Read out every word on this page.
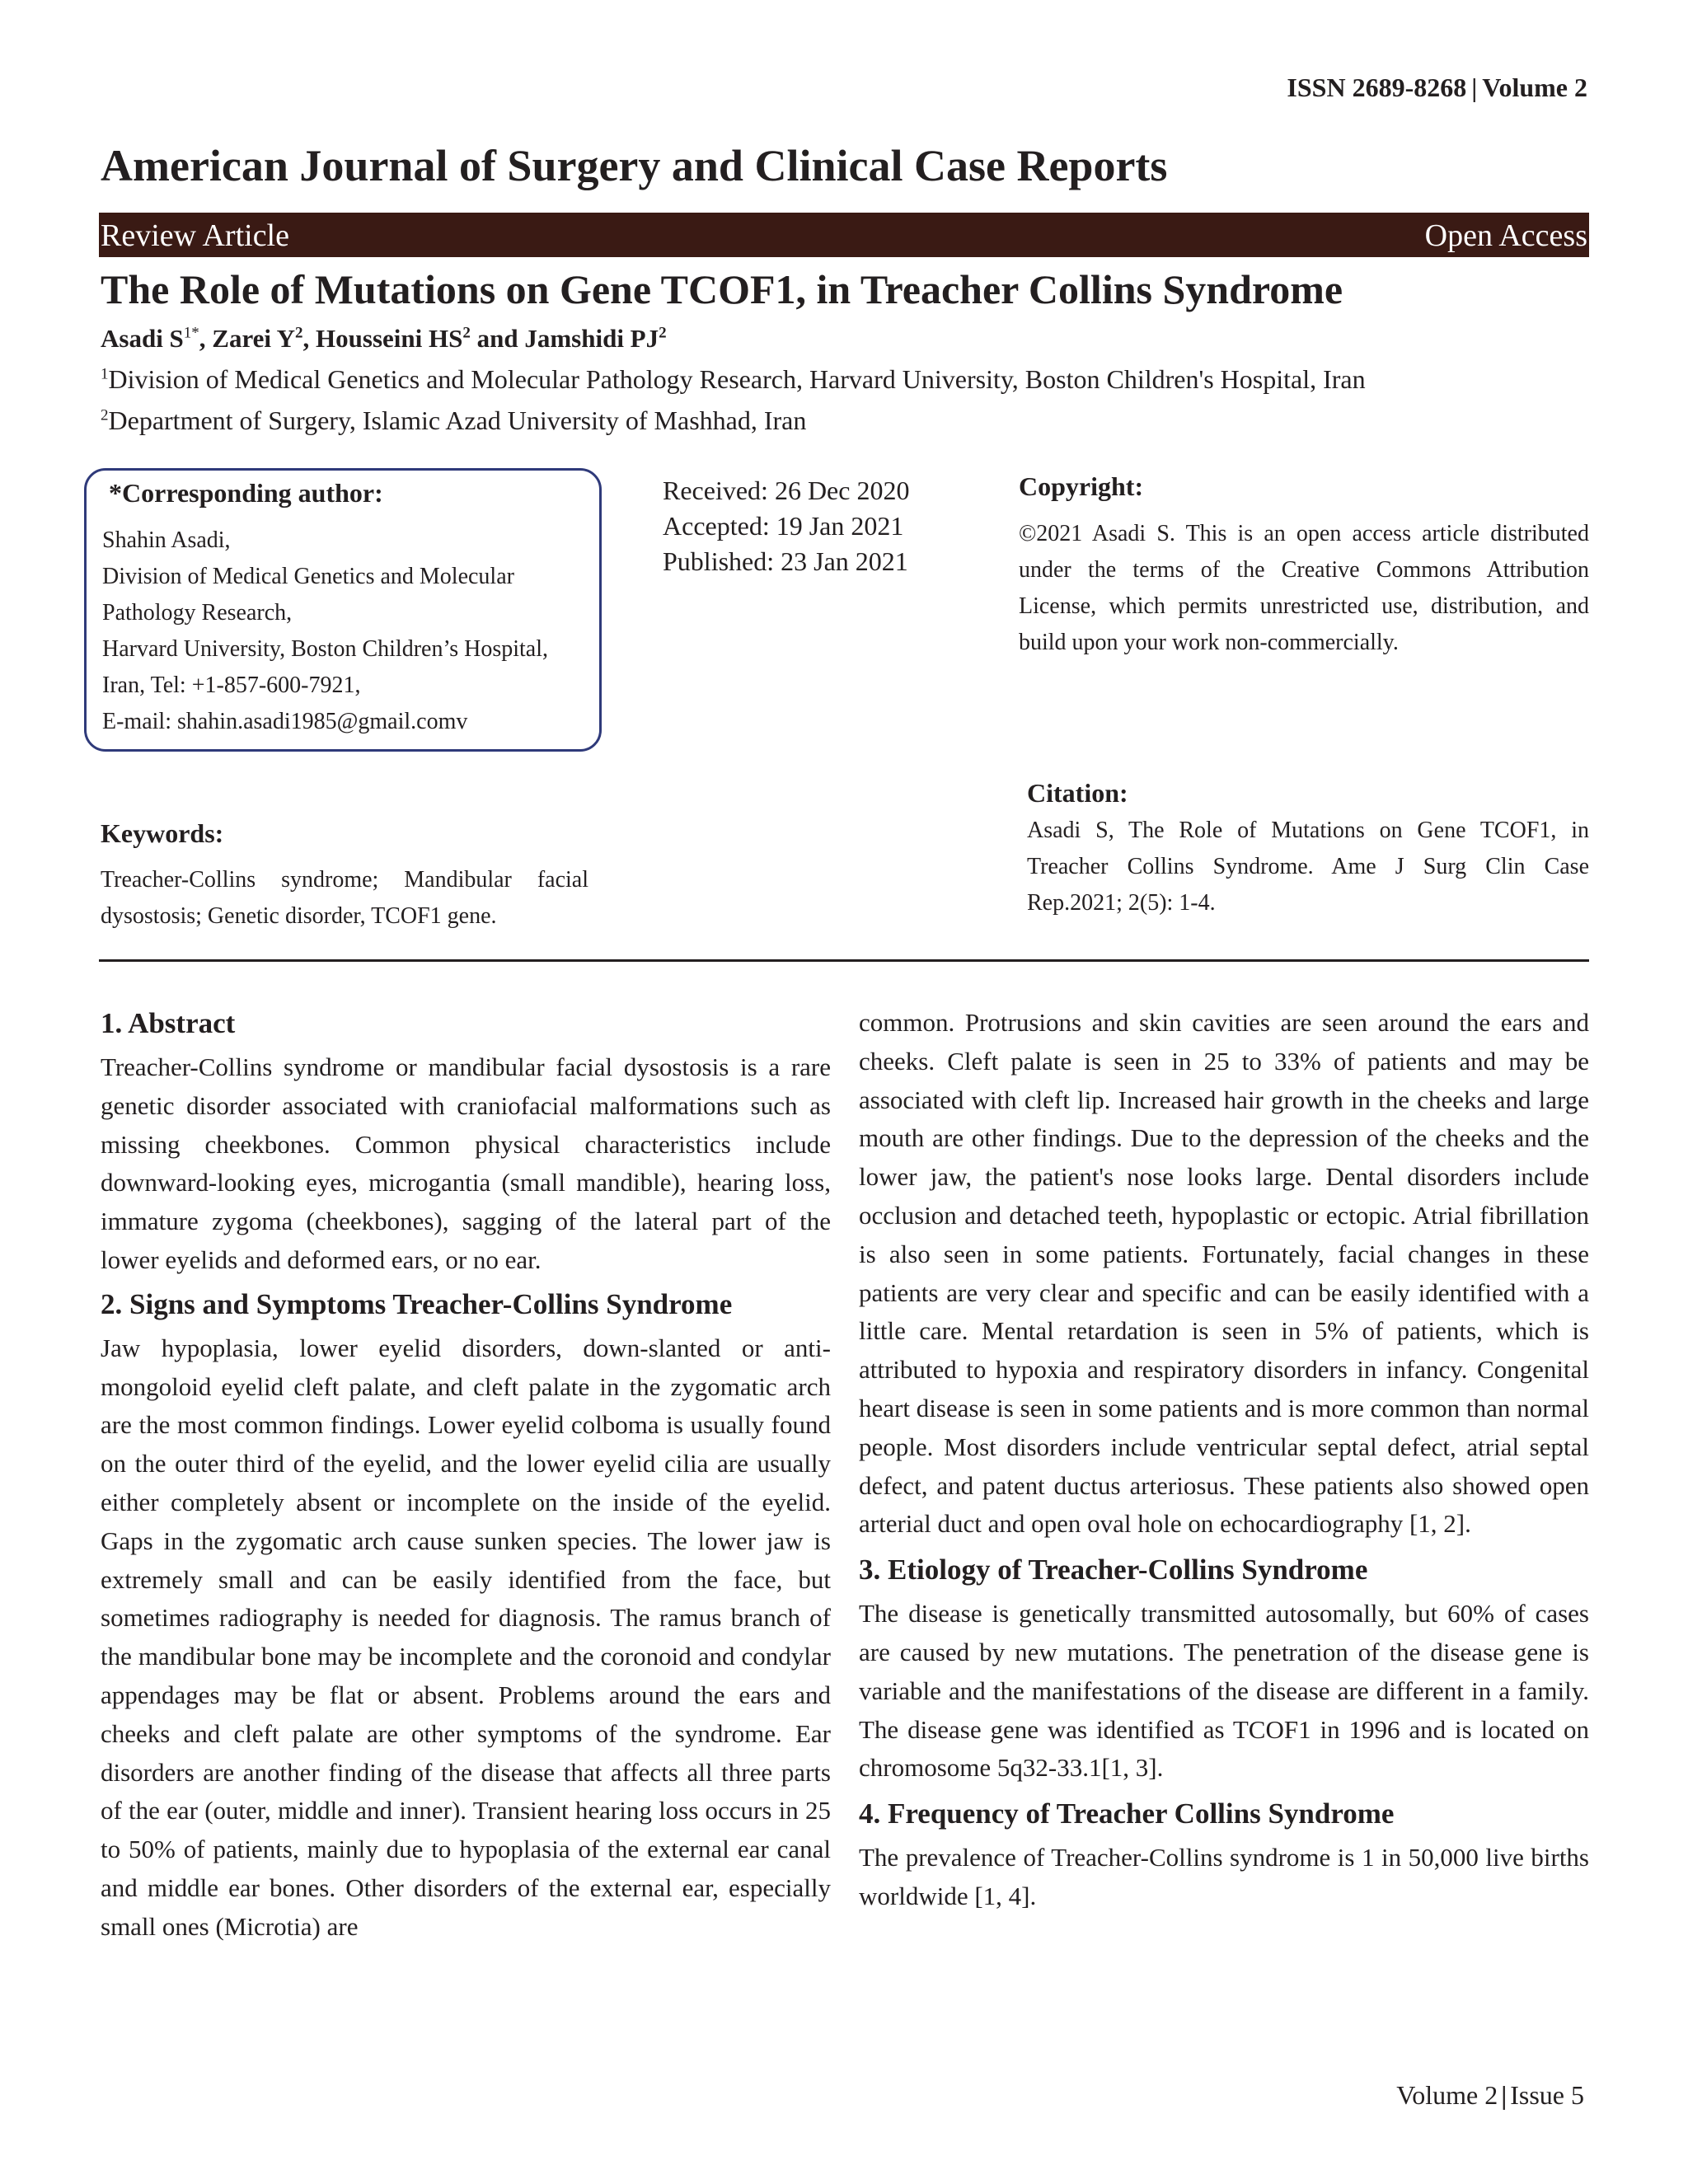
ISSN 2689-8268 | Volume 2
American Journal of Surgery and Clinical Case Reports
Review Article	Open Access
The Role of Mutations on Gene TCOF1, in Treacher Collins Syndrome
Asadi $S^{1*}$, Zarei $Y^2$, Housseini $HS^2$ and Jamshidi $PJ^2$
$^1$Division of Medical Genetics and Molecular Pathology Research, Harvard University, Boston Children's Hospital, Iran
$^2$Department of Surgery, Islamic Azad University of Mashhad, Iran
*Corresponding author:
Shahin Asadi,
Division of Medical Genetics and Molecular
Pathology Research,
Harvard University, Boston Children’s Hospital,
Iran, Tel: +1-857-600-7921,
E-mail: shahin.asadi1985@gmail.comv
Received: 26 Dec 2020
Accepted: 19 Jan 2021
Published: 23 Jan 2021
Copyright:
©2021 Asadi S. This is an open access article distributed under the terms of the Creative Commons Attribution License, which permits unrestricted use, distribution, and build upon your work non-commercially.
Keywords:
Treacher-Collins syndrome; Mandibular facial dysostosis; Genetic disorder, TCOF1 gene.
Citation:
Asadi S, The Role of Mutations on Gene TCOF1, in Treacher Collins Syndrome. Ame J Surg Clin Case Rep.2021; 2(5): 1-4.
1. Abstract

Treacher-Collins syndrome or mandibular facial dysostosis is a rare genetic disorder associated with craniofacial malformations such as missing cheekbones. Common physical characteristics include downward-looking eyes, microgantia (small mandible), hearing loss, immature zygoma (cheekbones), sagging of the lateral part of the lower eyelids and deformed ears, or no ear.

2. Signs and Symptoms Treacher-Collins Syndrome

Jaw hypoplasia, lower eyelid disorders, down-slanted or anti-mongoloid eyelid cleft palate, and cleft palate in the zygomatic arch are the most common findings. Lower eyelid colboma is usually found on the outer third of the eyelid, and the lower eyelid cilia are usually either completely absent or incomplete on the inside of the eyelid. Gaps in the zygomatic arch cause sunken species. The lower jaw is extremely small and can be easily identified from the face, but sometimes radiography is needed for diagnosis. The ramus branch of the mandibular bone may be incomplete and the coronoid and condylar appendages may be flat or absent. Problems around the ears and cheeks and cleft palate are other symptoms of the syndrome. Ear disorders are another finding of the disease that affects all three parts of the ear (outer, middle and inner). Transient hearing loss occurs in 25 to 50% of patients, mainly due to hypoplasia of the external ear canal and middle ear bones. Other disorders of the external ear, especially small ones (Microtia) are

common. Protrusions and skin cavities are seen around the ears and cheeks. Cleft palate is seen in 25 to 33% of patients and may be associated with cleft lip. Increased hair growth in the cheeks and large mouth are other findings. Due to the depression of the cheeks and the lower jaw, the patient's nose looks large. Dental disorders include occlusion and detached teeth, hypoplastic or ectopic. Atrial fibrillation is also seen in some patients. Fortunately, facial changes in these patients are very clear and specific and can be easily identified with a little care. Mental retardation is seen in 5% of patients, which is attributed to hypoxia and respiratory disorders in infancy. Congenital heart disease is seen in some patients and is more common than normal people. Most disorders include ventricular septal defect, atrial septal defect, and patent ductus arteriosus. These patients also showed open arterial duct and open oval hole on echocardiography [1, 2].

3. Etiology of Treacher-Collins Syndrome

The disease is genetically transmitted autosomally, but 60% of cases are caused by new mutations. The penetration of the disease gene is variable and the manifestations of the disease are different in a family. The disease gene was identified as TCOF1 in 1996 and is located on chromosome 5q32-33.1[1, 3].

4. Frequency of Treacher Collins Syndrome

The prevalence of Treacher-Collins syndrome is 1 in 50,000 live births worldwide [1, 4].

Volume 2 | Issue 5
